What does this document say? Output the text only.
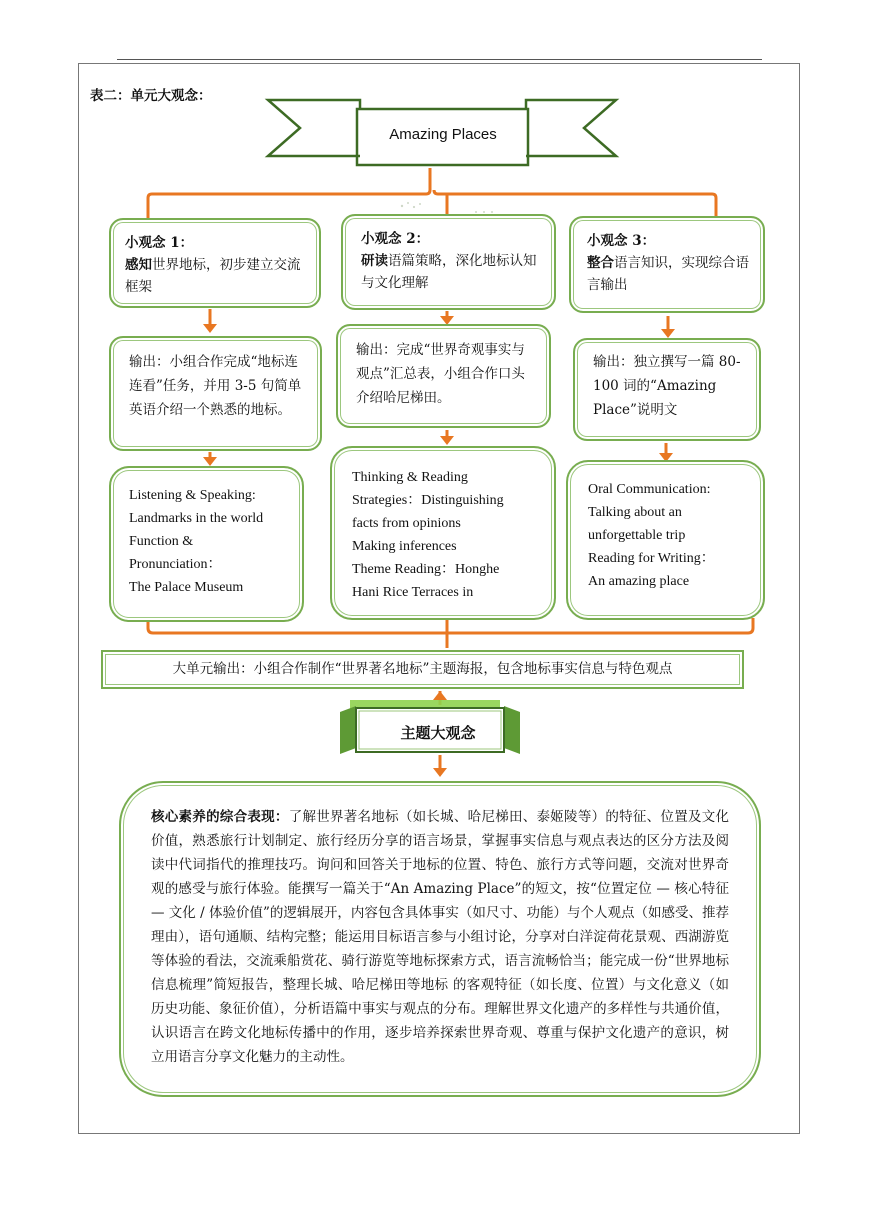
表二：单元大观念：
Amazing Places
小观念 1：
感知世界地标，初步建立交流框架
小观念 2：
研读语篇策略，深化地标认知与文化理解
小观念 3：
整合语言知识，实现综合语言输出
输出：小组合作完成“地标连连看”任务，并用 3-5 句简单英语介绍一个熟悉的地标。
输出：完成“世界奇观事实与观点”汇总表，小组合作口头介绍哈尼梯田。
输出：独立撰写一篇 80-100 词的“Amazing Place”说明文
Listening & Speaking:
Landmarks in the world
Function &
Pronunciation：
The Palace Museum
Thinking & Reading
Strategies：Distinguishing
facts from opinions
Making inferences
Theme Reading：Honghe
Hani Rice Terraces in
Oral Communication:
Talking about an
unforgettable trip
Reading for Writing：
An amazing place
大单元输出：小组合作制作“世界著名地标”主题海报，包含地标事实信息与特色观点
主题大观念
核心素养的综合表现：了解世界著名地标（如长城、哈尼梯田、泰姬陵等）的特征、位置及文化价值，熟悉旅行计划制定、旅行经历分享的语言场景，掌握事实信息与观点表达的区分方法及阅读中代词指代的推理技巧。询问和回答关于地标的位置、特色、旅行方式等问题，交流对世界奇观的感受与旅行体验。能撰写一篇关于“An Amazing Place”的短文，按“位置定位 — 核心特征 — 文化 / 体验价值”的逻辑展开，内容包含具体事实（如尺寸、功能）与个人观点（如感受、推荐理由），语句通顺、结构完整；能运用目标语言参与小组讨论，分享对白洋淀荷花景观、西湖游览等体验的看法，交流乘船赏花、骑行游览等地标探索方式，语言流畅恰当；能完成一份“世界地标信息梳理”简短报告，整理长城、哈尼梯田等地标 的客观特征（如长度、位置）与文化意义（如历史功能、象征价值），分析语篇中事实与观点的分布。理解世界文化遗产的多样性与共通价值，认识语言在跨文化地标传播中的作用，逐步培养探索世界奇观、尊重与保护文化遗产的意识，树立用语言分享文化魅力的主动性。
